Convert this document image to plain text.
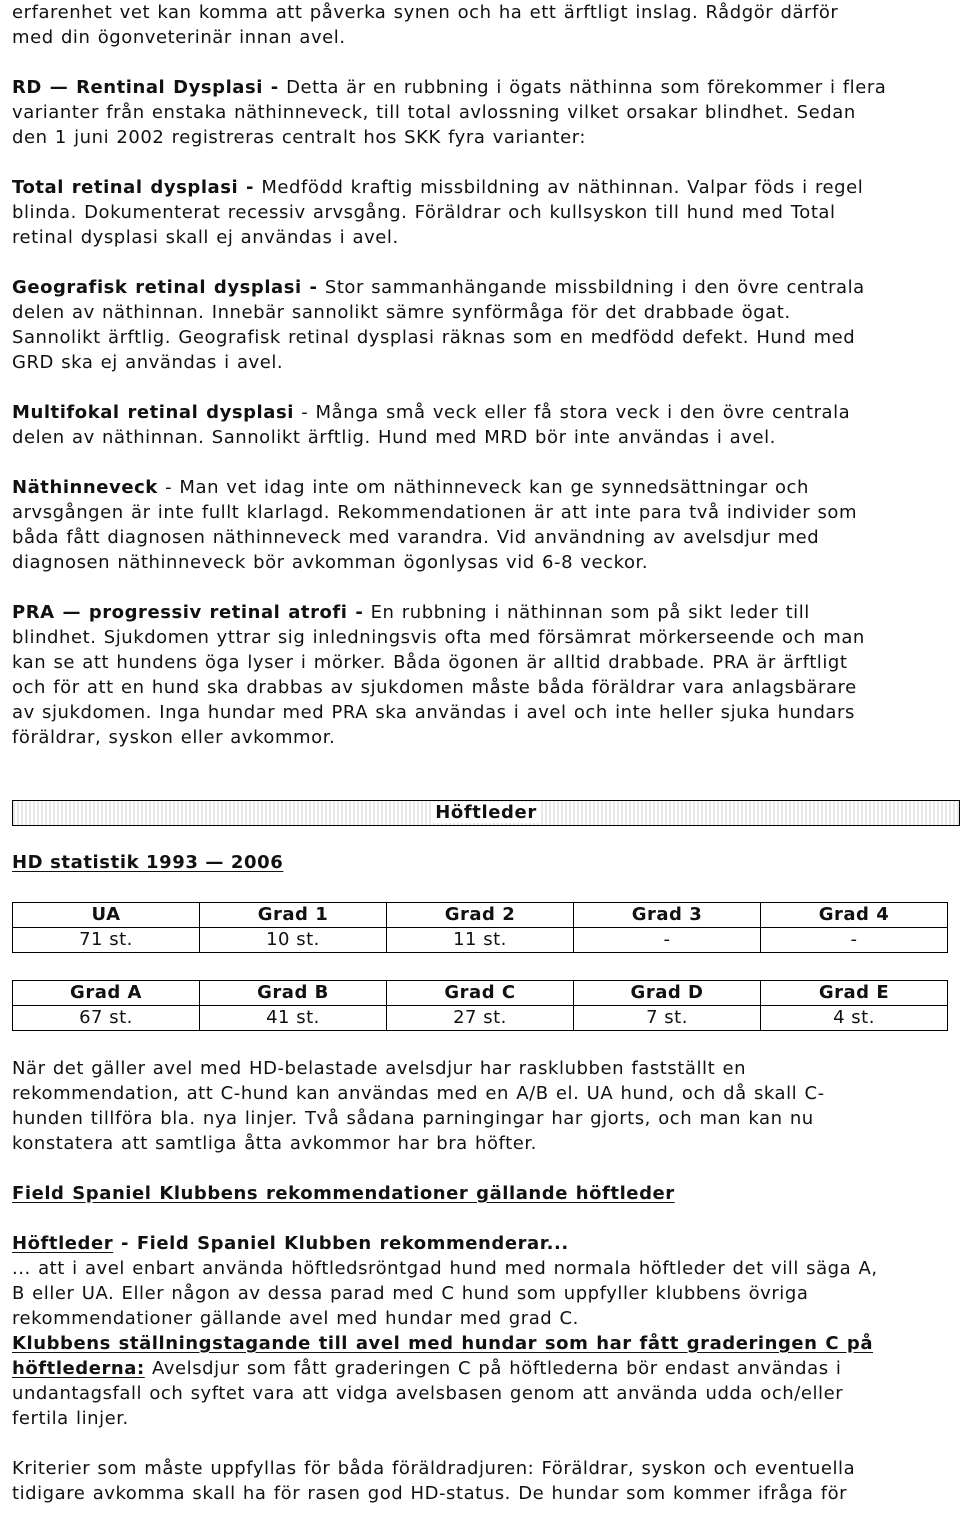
erfarenhet vet kan komma att påverka synen och ha ett ärftligt inslag. Rådgör därför

med din ögonveterinär innan avel.

RD — Rentinal Dysplasi - Detta är en rubbning i ögats näthinna som förekommer i flera

varianter från enstaka näthinneveck, till total avlossning vilket orsakar blindhet. Sedan

den 1 juni 2002 registreras centralt hos SKK fyra varianter:

Total retinal dysplasi - Medfödd kraftig missbildning av näthinnan. Valpar föds i regel

blinda. Dokumenterat recessiv arvsgång. Föräldrar och kullsyskon till hund med Total

retinal dysplasi skall ej användas i avel.

Geografisk retinal dysplasi - Stor sammanhängande missbildning i den övre centrala

delen av näthinnan. Innebär sannolikt sämre synförmåga för det drabbade ögat.

Sannolikt ärftlig. Geografisk retinal dysplasi räknas som en medfödd defekt. Hund med

GRD ska ej användas i avel.

Multifokal retinal dysplasi - Många små veck eller få stora veck i den övre centrala

delen av näthinnan. Sannolikt ärftlig. Hund med MRD bör inte användas i avel.

Näthinneveck - Man vet idag inte om näthinneveck kan ge synnedsättningar och

arvsgången är inte fullt klarlagd. Rekommendationen är att inte para två individer som

båda fått diagnosen näthinneveck med varandra. Vid användning av avelsdjur med

diagnosen näthinneveck bör avkomman ögonlysas vid 6-8 veckor.

PRA — progressiv retinal atrofi - En rubbning i näthinnan som på sikt leder till

blindhet. Sjukdomen yttrar sig inledningsvis ofta med försämrat mörkerseende och man

kan se att hundens öga lyser i mörker. Båda ögonen är alltid drabbade. PRA är ärftligt

och för att en hund ska drabbas av sjukdomen måste båda föräldrar vara anlagsbärare

av sjukdomen. Inga hundar med PRA ska användas i avel och inte heller sjuka hundars

föräldrar, syskon eller avkommor.

Höftleder
HD statistik 1993 — 2006
UA	Grad 1	Grad 2	Grad 3	Grad 4
71 st.	10 st.	11 st.	-	-
Grad A	Grad B	Grad C	Grad D	Grad E
67 st.	41 st.	27 st.	7 st.	4 st.

När det gäller avel med HD-belastade avelsdjur har rasklubben fastställt en

rekommendation, att C-hund kan användas med en A/B el. UA hund, och då skall C-

hunden tillföra bla. nya linjer. Två sådana parningingar har gjorts, och man kan nu

konstatera att samtliga åtta avkommor har bra höfter.

Field Spaniel Klubbens rekommendationer gällande höftleder

Höftleder - Field Spaniel Klubben rekommenderar...

... att i avel enbart använda höftledsröntgad hund med normala höftleder det vill säga A,

B eller UA. Eller någon av dessa parad med C hund som uppfyller klubbens övriga

rekommendationer gällande avel med hundar med grad C.

Klubbens ställningstagande till avel med hundar som har fått graderingen C på

höftlederna: Avelsdjur som fått graderingen C på höftlederna bör endast användas i

undantagsfall och syftet vara att vidga avelsbasen genom att använda udda och/eller

fertila linjer.

Kriterier som måste uppfyllas för båda föräldradjuren: Föräldrar, syskon och eventuella

tidigare avkomma skall ha för rasen god HD-status. De hundar som kommer ifråga för
